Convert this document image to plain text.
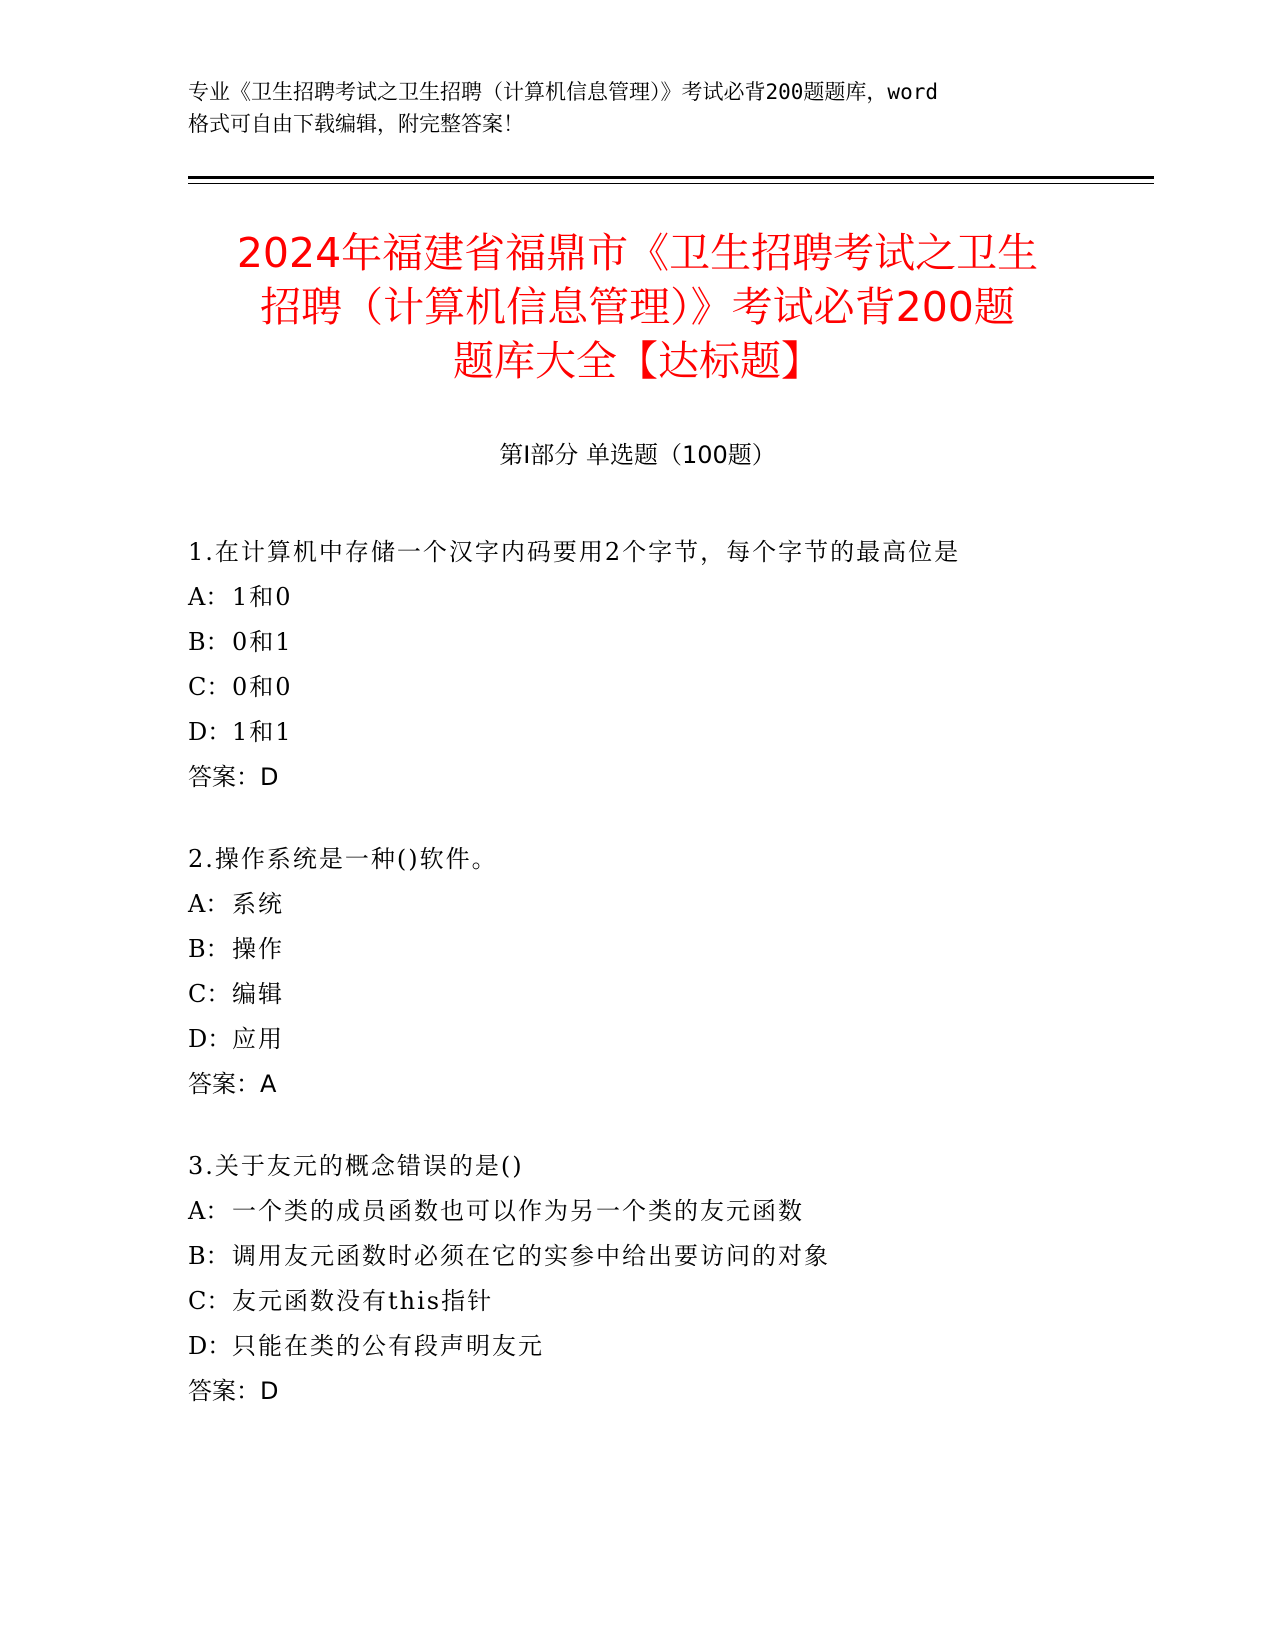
专业《卫生招聘考试之卫生招聘（计算机信息管理）》考试必背200题题库，word
格式可自由下载编辑，附完整答案！
2024年福建省福鼎市《卫生招聘考试之卫生
招聘（计算机信息管理）》考试必背200题
题库大全【达标题】
第Ⅰ部分 单选题（100题）
1.在计算机中存储一个汉字内码要用2个字节，每个字节的最高位是
A： 1和0
B：0和1
C：0和0
D：1和1
答案：D
2.操作系统是一种()软件。
A： 系统
B：操作
C：编辑
D：应用
答案：A
3.关于友元的概念错误的是()
A： 一个类的成员函数也可以作为另一个类的友元函数
B：调用友元函数时必须在它的实参中给出要访问的对象
C：友元函数没有this指针
D：只能在类的公有段声明友元
答案：D
